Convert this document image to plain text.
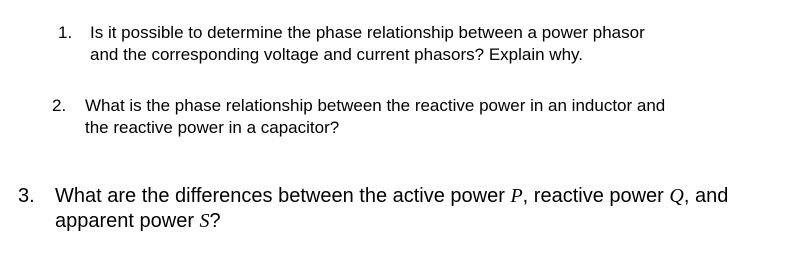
1.	Is it possible to determine the phase relationship between a power phasor
and the corresponding voltage and current phasors? Explain why.
2.	What is the phase relationship between the reactive power in an inductor and
the reactive power in a capacitor?
3.	What are the differences between the active power P, reactive power Q, and
apparent power S?
